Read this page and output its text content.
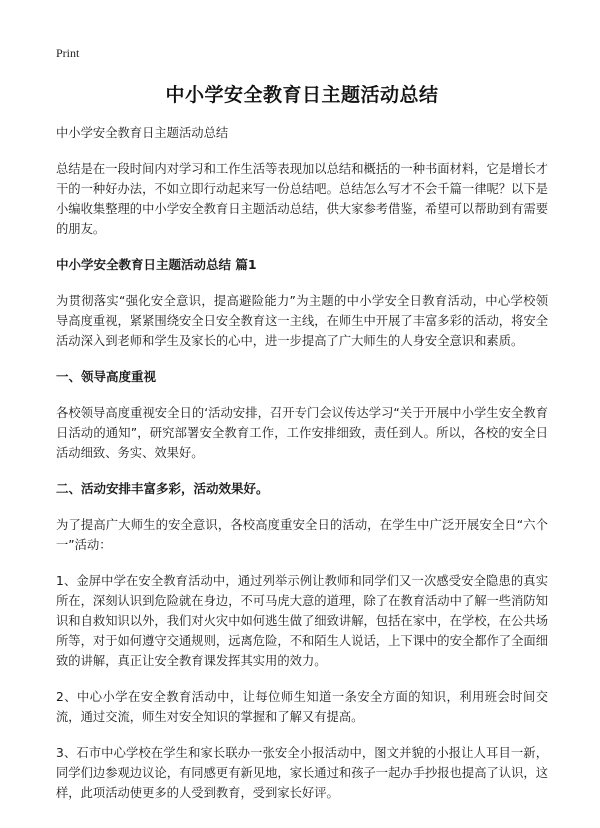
Print
中小学安全教育日主题活动总结

中小学安全教育日主题活动总结

总结是在一段时间内对学习和工作生活等表现加以总结和概括的一种书面材料，它是增长才干的一种好办法，不如立即行动起来写一份总结吧。总结怎么写才不会千篇一律呢？以下是小编收集整理的中小学安全教育日主题活动总结，供大家参考借鉴，希望可以帮助到有需要的朋友。

中小学安全教育日主题活动总结 篇1

为贯彻落实“强化安全意识，提高避险能力”为主题的中小学安全日教育活动，中心学校领导高度重视，紧紧围绕安全日安全教育这一主线，在师生中开展了丰富多彩的活动，将安全活动深入到老师和学生及家长的心中，进一步提高了广大师生的人身安全意识和素质。

一、领导高度重视

各校领导高度重视安全日的‘活动安排，召开专门会议传达学习“关于开展中小学生安全教育日活动的通知”，研究部署安全教育工作，工作安排细致，责任到人。所以，各校的安全日活动细致、务实、效果好。

二、活动安排丰富多彩，活动效果好。

为了提高广大师生的安全意识，各校高度重安全日的活动，在学生中广泛开展安全日“六个一”活动：

1、金屏中学在安全教育活动中，通过列举示例让教师和同学们又一次感受安全隐患的真实所在，深刻认识到危险就在身边，不可马虎大意的道理，除了在教育活动中了解一些消防知识和自救知识以外，我们对火灾中如何逃生做了细致讲解，包括在家中，在学校，在公共场所等，对于如何遵守交通规则，远离危险，不和陌生人说话，上下课中的安全都作了全面细致的讲解，真正让安全教育课发挥其实用的效力。

2、中心小学在安全教育活动中，让每位师生知道一条安全方面的知识，利用班会时间交流，通过交流，师生对安全知识的掌握和了解又有提高。

3、石市中心学校在学生和家长联办一张安全小报活动中，图文并貌的小报让人耳目一新，同学们边参观边议论，有同感更有新见地，家长通过和孩子一起办手抄报也提高了认识，这样，此项活动使更多的人受到教育，受到家长好评。
